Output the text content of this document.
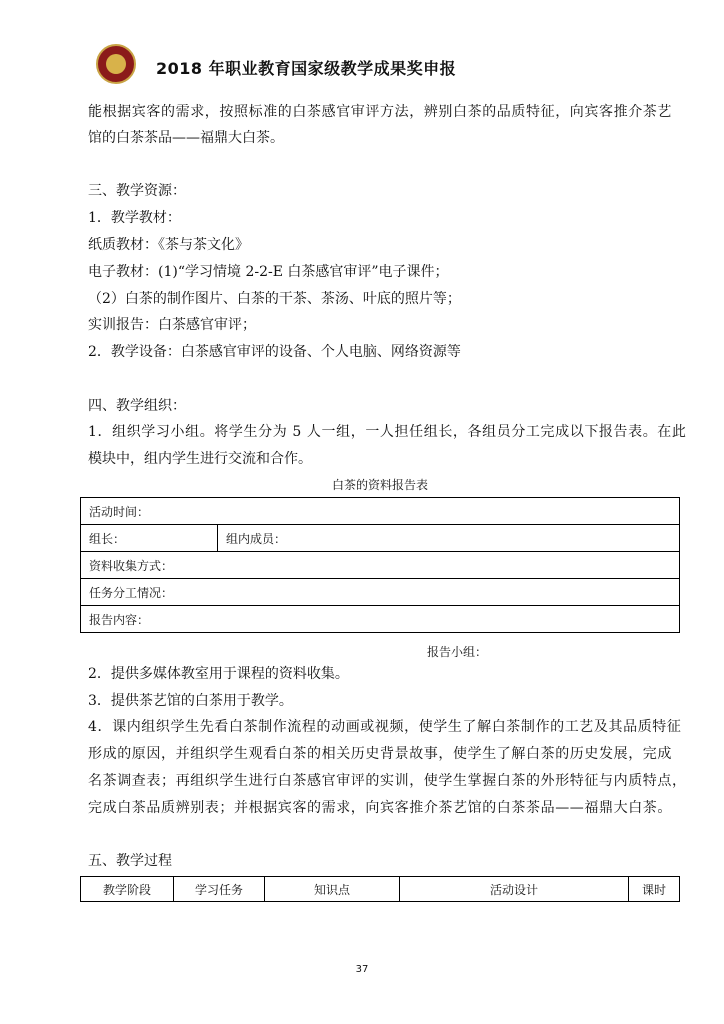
2018 年职业教育国家级教学成果奖申报
能根据宾客的需求，按照标准的白茶感官审评方法，辨别白茶的品质特征，向宾客推介茶艺
馆的白茶茶品——福鼎大白茶。
三、教学资源：
1．教学教材：
纸质教材：《茶与茶文化》
电子教材：(1)“学习情境 2-2-E 白茶感官审评”电子课件；
（2）白茶的制作图片、白茶的干茶、茶汤、叶底的照片等；
实训报告：白茶感官审评；
2．教学设备：白茶感官审评的设备、个人电脑、网络资源等
四、教学组织：
1．组织学习小组。将学生分为 5 人一组，一人担任组长，各组员分工完成以下报告表。在此
模块中，组内学生进行交流和合作。
白茶的资料报告表
活动时间：
组长：	组内成员：
资料收集方式：
任务分工情况：
报告内容：
报告小组：
2．提供多媒体教室用于课程的资料收集。
3．提供茶艺馆的白茶用于教学。
4．课内组织学生先看白茶制作流程的动画或视频，使学生了解白茶制作的工艺及其品质特征
形成的原因，并组织学生观看白茶的相关历史背景故事，使学生了解白茶的历史发展，完成
名茶调查表；再组织学生进行白茶感官审评的实训，使学生掌握白茶的外形特征与内质特点，
完成白茶品质辨别表；并根据宾客的需求，向宾客推介茶艺馆的白茶茶品——福鼎大白茶。
五、教学过程
教学阶段	学习任务	知识点	活动设计	课时
37
